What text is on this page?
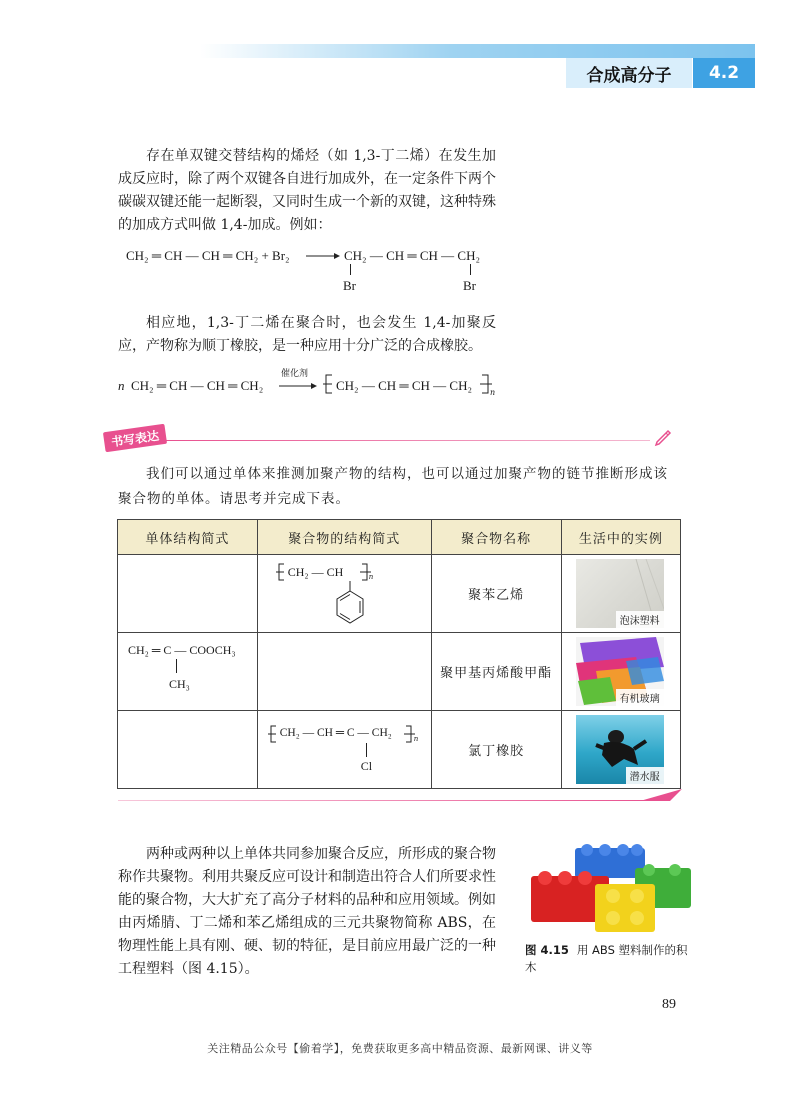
合成高分子	4.2

存在单双键交替结构的烯烃（如 1,3-丁二烯）在发生加成反应时，除了两个双键各自进行加成外，在一定条件下两个碳碳双键还能一起断裂，又同时生成一个新的双键，这种特殊的加成方式叫做 1,4-加成。例如：

CH₂ ═ CH — CH ═ CH₂ + Br₂ → CH₂ — CH ═ CH — CH₂
Br	Br

相应地，1,3-丁二烯在聚合时，也会发生 1,4-加聚反应，产物称为顺丁橡胶，是一种应用十分广泛的合成橡胶。

n CH₂ ═ CH — CH ═ CH₂
催化剂
→ CH₂ — CH ═ CH — CH₂ n
书写表达

我们可以通过单体来推测加聚产物的结构，也可以通过加聚产物的链节推断形成该聚合物的单体。请思考并完成下表。

单体结构简式	聚合物的结构简式	聚合物名称	生活中的实例

	CH₂ — CH n	聚苯乙烯	泡沫塑料

CH₂ ═ C — COOCH₃
CH₃		聚甲基丙烯酸甲酯	有机玻璃

	CH₂ — CH ═ C — CH₂ n
Cl	氯丁橡胶	潜水服

两种或两种以上单体共同参加聚合反应，所形成的聚合物称作共聚物。利用共聚反应可设计和制造出符合人们所要求性能的聚合物，大大扩充了高分子材料的品种和应用领域。例如由丙烯腈、丁二烯和苯乙烯组成的三元共聚物简称 ABS，在物理性能上具有刚、硬、韧的特征，是目前应用最广泛的一种工程塑料（图 4.15）。

图 4.15 用 ABS 塑料制作的积木
89
关注精品公众号【偷着学】，免费获取更多高中精品资源、最新网课、讲义等
